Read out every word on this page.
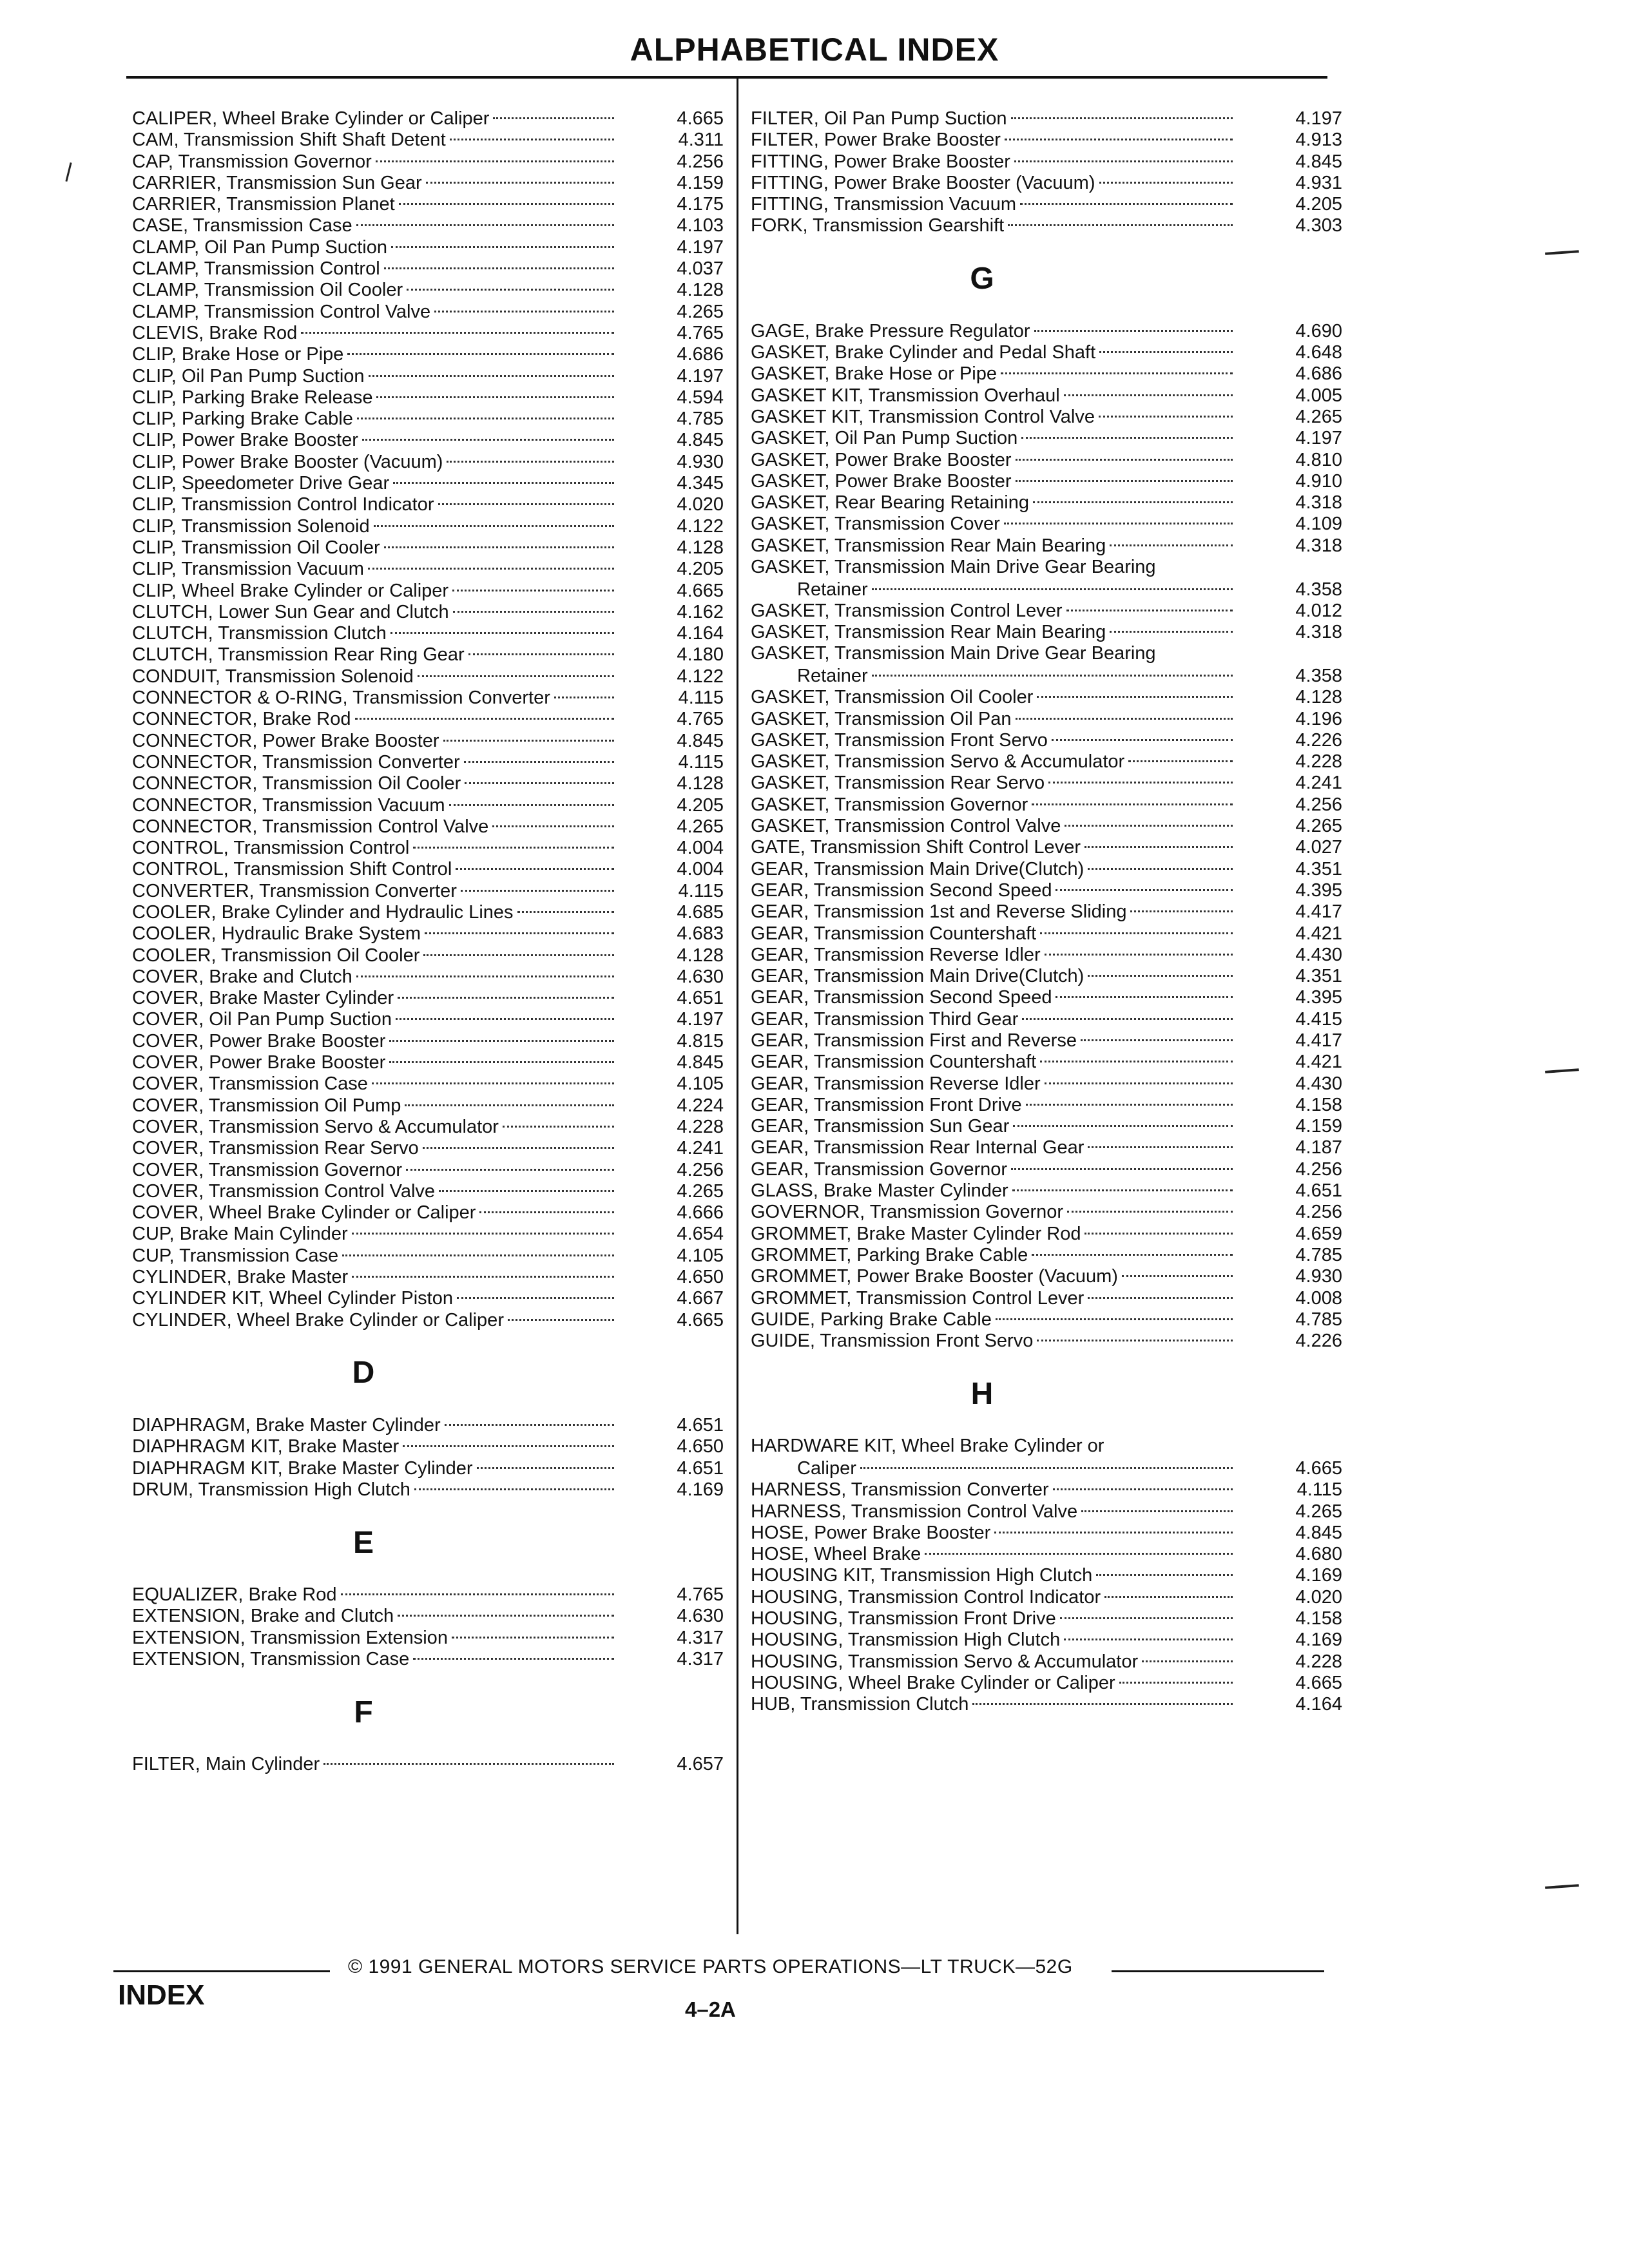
ALPHABETICAL INDEX
CALIPER, Wheel Brake Cylinder or Caliper	4.665
CAM, Transmission Shift Shaft Detent	4.311
CAP, Transmission Governor	4.256
CARRIER, Transmission Sun Gear	4.159
CARRIER, Transmission Planet	4.175
CASE, Transmission Case	4.103
CLAMP, Oil Pan Pump Suction	4.197
CLAMP, Transmission Control	4.037
CLAMP, Transmission Oil Cooler	4.128
CLAMP, Transmission Control Valve	4.265
CLEVIS, Brake Rod	4.765
CLIP, Brake Hose or Pipe	4.686
CLIP, Oil Pan Pump Suction	4.197
CLIP, Parking Brake Release	4.594
CLIP, Parking Brake Cable	4.785
CLIP, Power Brake Booster	4.845
CLIP, Power Brake Booster (Vacuum)	4.930
CLIP, Speedometer Drive Gear	4.345
CLIP, Transmission Control Indicator	4.020
CLIP, Transmission Solenoid	4.122
CLIP, Transmission Oil Cooler	4.128
CLIP, Transmission Vacuum	4.205
CLIP, Wheel Brake Cylinder or Caliper	4.665
CLUTCH, Lower Sun Gear and Clutch	4.162
CLUTCH, Transmission Clutch	4.164
CLUTCH, Transmission Rear Ring Gear	4.180
CONDUIT, Transmission Solenoid	4.122
CONNECTOR & O-RING, Transmission Converter	4.115
CONNECTOR, Brake Rod	4.765
CONNECTOR, Power Brake Booster	4.845
CONNECTOR, Transmission Converter	4.115
CONNECTOR, Transmission Oil Cooler	4.128
CONNECTOR, Transmission Vacuum	4.205
CONNECTOR, Transmission Control Valve	4.265
CONTROL, Transmission Control	4.004
CONTROL, Transmission Shift Control	4.004
CONVERTER, Transmission Converter	4.115
COOLER, Brake Cylinder and Hydraulic Lines	4.685
COOLER, Hydraulic Brake System	4.683
COOLER, Transmission Oil Cooler	4.128
COVER, Brake and Clutch	4.630
COVER, Brake Master Cylinder	4.651
COVER, Oil Pan Pump Suction	4.197
COVER, Power Brake Booster	4.815
COVER, Power Brake Booster	4.845
COVER, Transmission Case	4.105
COVER, Transmission Oil Pump	4.224
COVER, Transmission Servo & Accumulator	4.228
COVER, Transmission Rear Servo	4.241
COVER, Transmission Governor	4.256
COVER, Transmission Control Valve	4.265
COVER, Wheel Brake Cylinder or Caliper	4.666
CUP, Brake Main Cylinder	4.654
CUP, Transmission Case	4.105
CYLINDER, Brake Master	4.650
CYLINDER KIT, Wheel Cylinder Piston	4.667
CYLINDER, Wheel Brake Cylinder or Caliper	4.665
D
DIAPHRAGM, Brake Master Cylinder	4.651
DIAPHRAGM KIT, Brake Master	4.650
DIAPHRAGM KIT, Brake Master Cylinder	4.651
DRUM, Transmission High Clutch	4.169
E
EQUALIZER, Brake Rod	4.765
EXTENSION, Brake and Clutch	4.630
EXTENSION, Transmission Extension	4.317
EXTENSION, Transmission Case	4.317
F
FILTER, Main Cylinder	4.657
FILTER, Oil Pan Pump Suction	4.197
FILTER, Power Brake Booster	4.913
FITTING, Power Brake Booster	4.845
FITTING, Power Brake Booster (Vacuum)	4.931
FITTING, Transmission Vacuum	4.205
FORK, Transmission Gearshift	4.303
G
GAGE, Brake Pressure Regulator	4.690
GASKET, Brake Cylinder and Pedal Shaft	4.648
GASKET, Brake Hose or Pipe	4.686
GASKET KIT, Transmission Overhaul	4.005
GASKET KIT, Transmission Control Valve	4.265
GASKET, Oil Pan Pump Suction	4.197
GASKET, Power Brake Booster	4.810
GASKET, Power Brake Booster	4.910
GASKET, Rear Bearing Retaining	4.318
GASKET, Transmission Cover	4.109
GASKET, Transmission Rear Main Bearing	4.318
GASKET, Transmission Main Drive Gear Bearing
Retainer	4.358
GASKET, Transmission Control Lever	4.012
GASKET, Transmission Rear Main Bearing	4.318
GASKET, Transmission Main Drive Gear Bearing
Retainer	4.358
GASKET, Transmission Oil Cooler	4.128
GASKET, Transmission Oil Pan	4.196
GASKET, Transmission Front Servo	4.226
GASKET, Transmission Servo & Accumulator	4.228
GASKET, Transmission Rear Servo	4.241
GASKET, Transmission Governor	4.256
GASKET, Transmission Control Valve	4.265
GATE, Transmission Shift Control Lever	4.027
GEAR, Transmission Main Drive(Clutch)	4.351
GEAR, Transmission Second Speed	4.395
GEAR, Transmission 1st and Reverse Sliding	4.417
GEAR, Transmission Countershaft	4.421
GEAR, Transmission Reverse Idler	4.430
GEAR, Transmission Main Drive(Clutch)	4.351
GEAR, Transmission Second Speed	4.395
GEAR, Transmission Third Gear	4.415
GEAR, Transmission First and Reverse	4.417
GEAR, Transmission Countershaft	4.421
GEAR, Transmission Reverse Idler	4.430
GEAR, Transmission Front Drive	4.158
GEAR, Transmission Sun Gear	4.159
GEAR, Transmission Rear Internal Gear	4.187
GEAR, Transmission Governor	4.256
GLASS, Brake Master Cylinder	4.651
GOVERNOR, Transmission Governor	4.256
GROMMET, Brake Master Cylinder Rod	4.659
GROMMET, Parking Brake Cable	4.785
GROMMET, Power Brake Booster (Vacuum)	4.930
GROMMET, Transmission Control Lever	4.008
GUIDE, Parking Brake Cable	4.785
GUIDE, Transmission Front Servo	4.226
H
HARDWARE KIT, Wheel Brake Cylinder or
Caliper	4.665
HARNESS, Transmission Converter	4.115
HARNESS, Transmission Control Valve	4.265
HOSE, Power Brake Booster	4.845
HOSE, Wheel Brake	4.680
HOUSING KIT, Transmission High Clutch	4.169
HOUSING, Transmission Control Indicator	4.020
HOUSING, Transmission Front Drive	4.158
HOUSING, Transmission High Clutch	4.169
HOUSING, Transmission Servo & Accumulator	4.228
HOUSING, Wheel Brake Cylinder or Caliper	4.665
HUB, Transmission Clutch	4.164
© 1991 GENERAL MOTORS SERVICE PARTS OPERATIONS—LT TRUCK—52G
INDEX	4–2A
